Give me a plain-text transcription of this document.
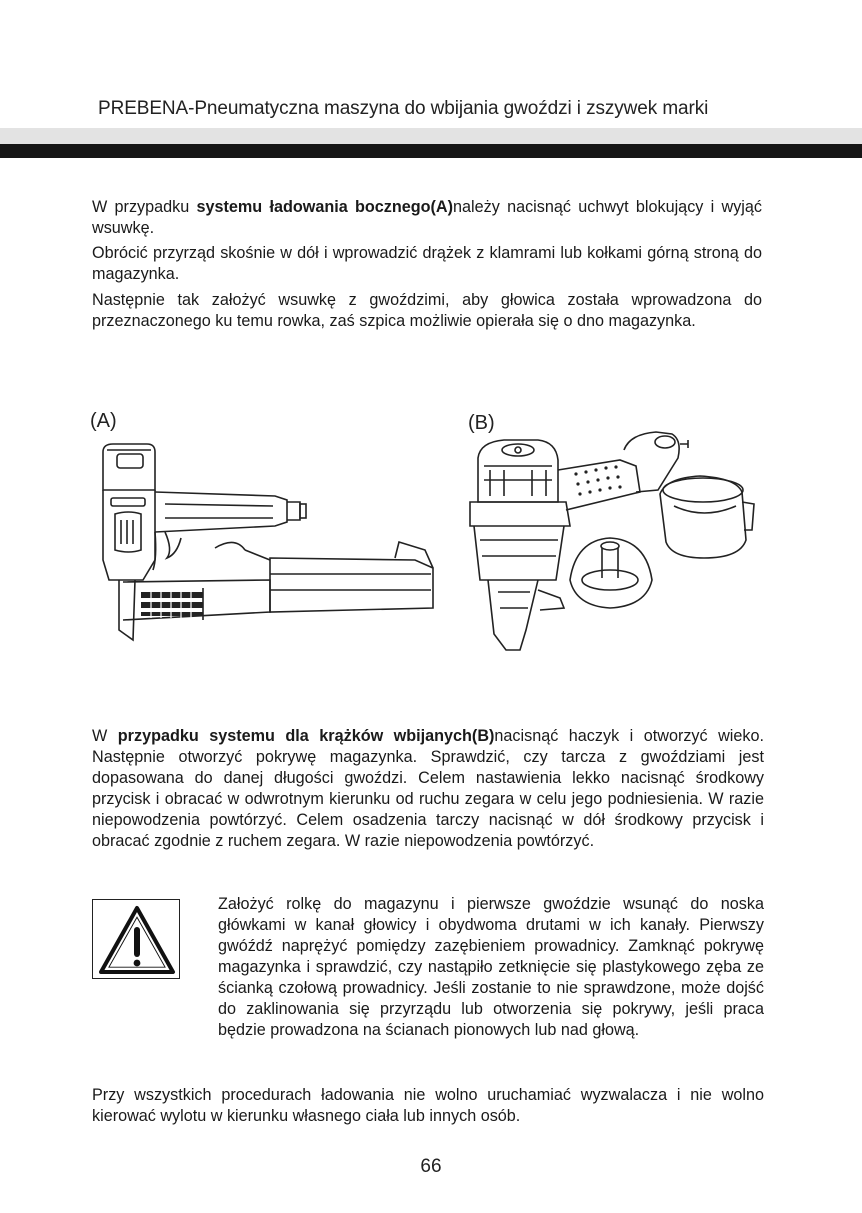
PREBENA-Pneumatyczna maszyna do wbijania gwoździ i zszywek marki

W przypadku systemu ładowania bocznego(A)należy nacisnąć uchwyt blokujący i wyjąć wsuwkę.

Obrócić przyrząd skośnie w dół i wprowadzić drążek z klamrami lub kołkami górną stroną do magazynka.

Następnie tak założyć wsuwkę z gwoździmi, aby głowica została wprowadzona do przeznaczonego ku temu rowka, zaś szpica możliwie opierała się o dno magazynka.

(A)	(B)

W przypadku systemu dla krążków wbijanych(B)nacisnąć haczyk i otworzyć wieko. Następnie otworzyć pokrywę magazynka. Sprawdzić, czy tarcza z gwoździami jest dopasowana do danej długości gwoździ. Celem nastawienia lekko nacisnąć środkowy przycisk i obracać w odwrotnym kierunku od ruchu zegara w celu jego podniesienia. W razie niepowodzenia powtórzyć. Celem osadzenia tarczy nacisnąć w dół środkowy przycisk i obracać zgodnie z ruchem zegara. W razie niepowodzenia powtórzyć.

Założyć rolkę do magazynu i pierwsze gwoździe wsunąć do noska główkami w kanał głowicy i obydwoma drutami w ich kanały. Pierwszy gwóźdź naprężyć pomiędzy zazębieniem prowadnicy. Zamknąć pokrywę magazynka i sprawdzić, czy nastąpiło zetknięcie się plastykowego zęba ze ścianką czołową prowadnicy. Jeśli zostanie to nie sprawdzone, może dojść do zaklinowania się przyrządu lub otworzenia się pokrywy, jeśli praca będzie prowadzona na ścianach pionowych lub nad głową.

Przy wszystkich procedurach ładowania nie wolno uruchamiać wyzwalacza i nie wolno kierować wylotu w kierunku własnego ciała lub innych osób.

66
